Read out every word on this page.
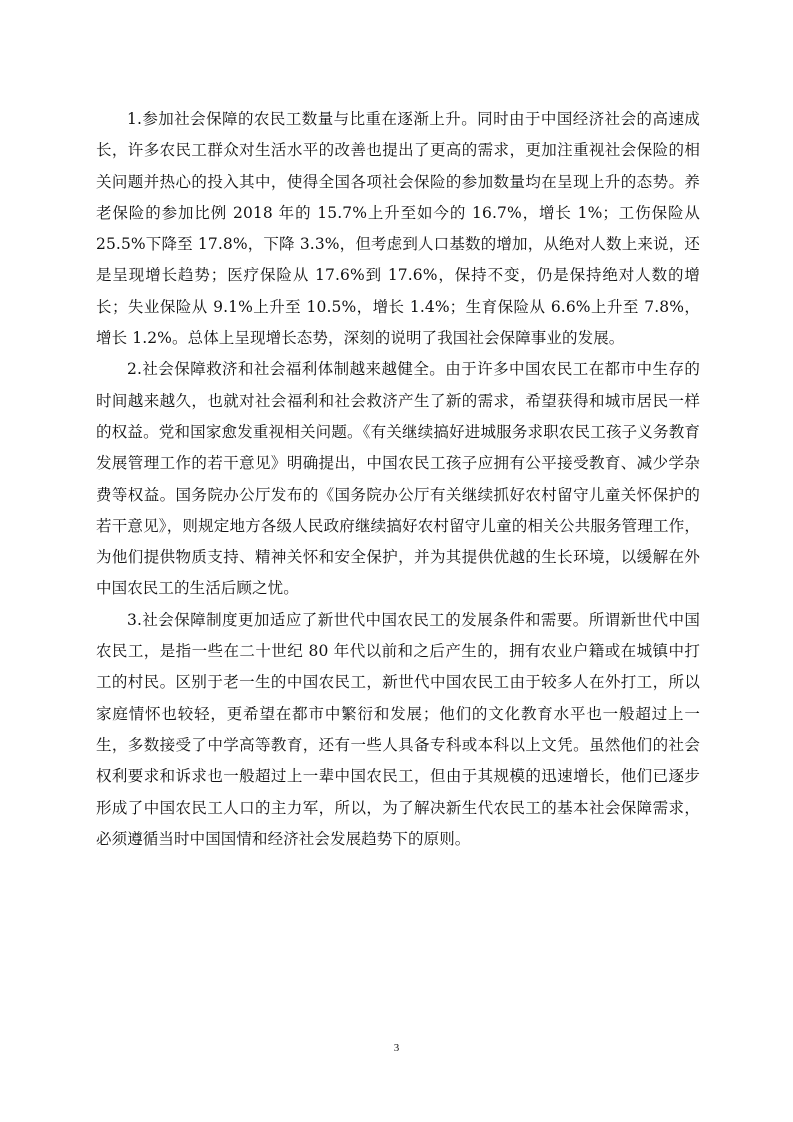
1.参加社会保障的农民工数量与比重在逐渐上升。同时由于中国经济社会的高速成长，许多农民工群众对生活水平的改善也提出了更高的需求，更加注重视社会保险的相关问题并热心的投入其中，使得全国各项社会保险的参加数量均在呈现上升的态势。养老保险的参加比例 2018 年的 15.7%上升至如今的 16.7%，增长 1%；工伤保险从 25.5%下降至 17.8%，下降 3.3%，但考虑到人口基数的增加，从绝对人数上来说，还是呈现增长趋势；医疗保险从 17.6%到 17.6%，保持不变，仍是保持绝对人数的增长；失业保险从 9.1%上升至 10.5%，增长 1.4%；生育保险从 6.6%上升至 7.8%，增长 1.2%。总体上呈现增长态势，深刻的说明了我国社会保障事业的发展。

2.社会保障救济和社会福利体制越来越健全。由于许多中国农民工在都市中生存的时间越来越久，也就对社会福利和社会救济产生了新的需求，希望获得和城市居民一样的权益。党和国家愈发重视相关问题。《有关继续搞好进城服务求职农民工孩子义务教育发展管理工作的若干意见》明确提出，中国农民工孩子应拥有公平接受教育、减少学杂费等权益。国务院办公厅发布的《国务院办公厅有关继续抓好农村留守儿童关怀保护的若干意见》，则规定地方各级人民政府继续搞好农村留守儿童的相关公共服务管理工作，为他们提供物质支持、精神关怀和安全保护，并为其提供优越的生长环境，以缓解在外中国农民工的生活后顾之忧。

3.社会保障制度更加适应了新世代中国农民工的发展条件和需要。所谓新世代中国农民工，是指一些在二十世纪 80 年代以前和之后产生的，拥有农业户籍或在城镇中打工的村民。区别于老一生的中国农民工，新世代中国农民工由于较多人在外打工，所以家庭情怀也较轻，更希望在都市中繁衍和发展；他们的文化教育水平也一般超过上一生，多数接受了中学高等教育，还有一些人具备专科或本科以上文凭。虽然他们的社会权利要求和诉求也一般超过上一辈中国农民工，但由于其规模的迅速增长，他们已逐步形成了中国农民工人口的主力军，所以，为了解决新生代农民工的基本社会保障需求，必须遵循当时中国国情和经济社会发展趋势下的原则。

3
